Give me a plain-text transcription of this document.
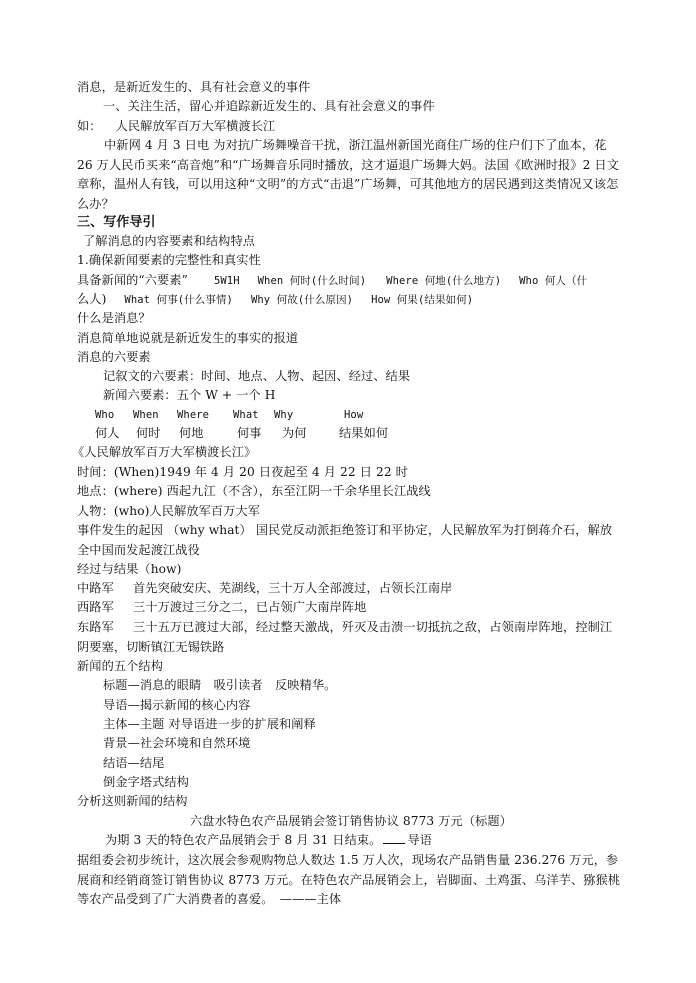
消息，是新近发生的、具有社会意义的事件
一、关注生活，留心并追踪新近发生的、具有社会意义的事件
如： 人民解放军百万大军横渡长江
中新网 4 月 3 日电 为对抗广场舞噪音干扰，浙江温州新国光商住广场的住户们下了血本，花 26 万人民币买来“高音炮”和“广场舞音乐同时播放，这才逼退广场舞大妈。法国《欧洲时报》2 日文章称，温州人有钱，可以用这种“文明”的方式“击退”广场舞，可其他地方的居民遇到这类情况又该怎么办？
三、写作导引
了解消息的内容要素和结构特点
1.确保新闻要素的完整性和真实性
具备新闻的“六要素” 5W1H When 何时(什么时间) Where 何地(什么地方) Who 何人（什
么人) What 何事(什么事情) Why 何故(什么原因) How 何果(结果如何)
什么是消息？
消息简单地说就是新近发生的事实的报道
消息的六要素
记叙文的六要素：时间、地点、人物、起因、经过、结果
新闻六要素：五个 W + 一个 H
Who When Where What Why	How
何人 何时 何地	何事 为何	结果如何
《人民解放军百万大军横渡长江》
时间：(When)1949 年 4 月 20 日夜起至 4 月 22 日 22 时
地点：(where) 西起九江（不含），东至江阴一千余华里长江战线
人物：(who)人民解放军百万大军
事件发生的起因 （why what） 国民党反动派拒绝签订和平协定，人民解放军为打倒蒋介石，解放全中国而发起渡江战役
经过与结果（how)
中路军 首先突破安庆、芜湖线，三十万人全部渡过，占领长江南岸
西路军 三十万渡过三分之二，已占领广大南岸阵地
东路军 三十五万已渡过大部，经过整天激战，歼灭及击溃一切抵抗之敌，占领南岸阵地，控制江阴要塞，切断镇江无锡铁路
新闻的五个结构
标题—消息的眼睛　吸引读者　反映精华。
导语—揭示新闻的核心内容
主体—主题 对导语进一步的扩展和阐释
背景—社会环境和自然环境
结语—结尾
倒金字塔式结构
分析这则新闻的结构
六盘水特色农产品展销会签订销售协议 8773 万元（标题）
为期 3 天的特色农产品展销会于 8 月 31 日结束。 导语
据组委会初步统计，这次展会参观购物总人数达 1.5 万人次，现场农产品销售量 236.276 万元，参展商和经销商签订销售协议 8773 万元。在特色农产品展销会上，岩脚面、土鸡蛋、乌洋芋、猕猴桃等农产品受到了广大消费者的喜爱。　———主体
